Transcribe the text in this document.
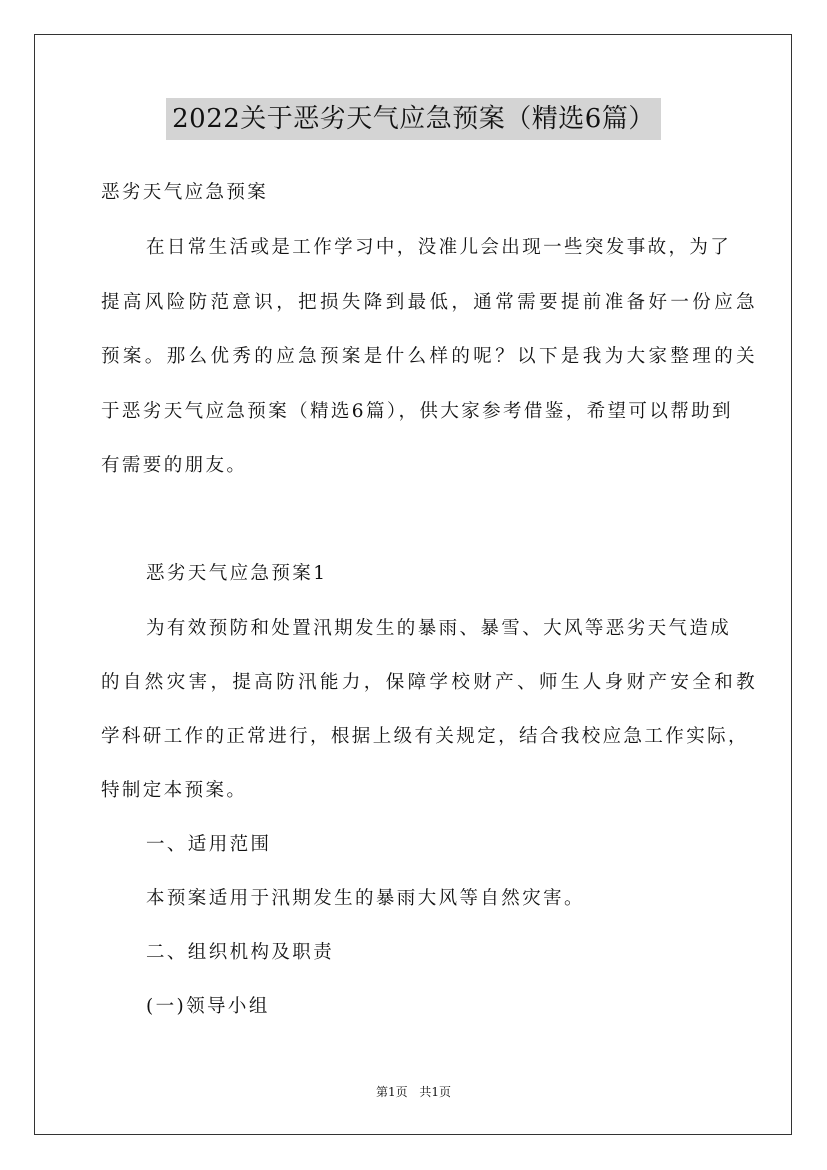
2022关于恶劣天气应急预案（精选6篇）
恶劣天气应急预案
在日常生活或是工作学习中，没准儿会出现一些突发事故，为了
提高风险防范意识，把损失降到最低，通常需要提前准备好一份应急
预案。那么优秀的应急预案是什么样的呢？以下是我为大家整理的关
于恶劣天气应急预案（精选6篇），供大家参考借鉴，希望可以帮助到
有需要的朋友。
恶劣天气应急预案1
为有效预防和处置汛期发生的暴雨、暴雪、大风等恶劣天气造成
的自然灾害，提高防汛能力，保障学校财产、师生人身财产安全和教
学科研工作的正常进行，根据上级有关规定，结合我校应急工作实际，
特制定本预案。
一、适用范围
本预案适用于汛期发生的暴雨大风等自然灾害。
二、组织机构及职责
(一)领导小组
第1页 共1页
